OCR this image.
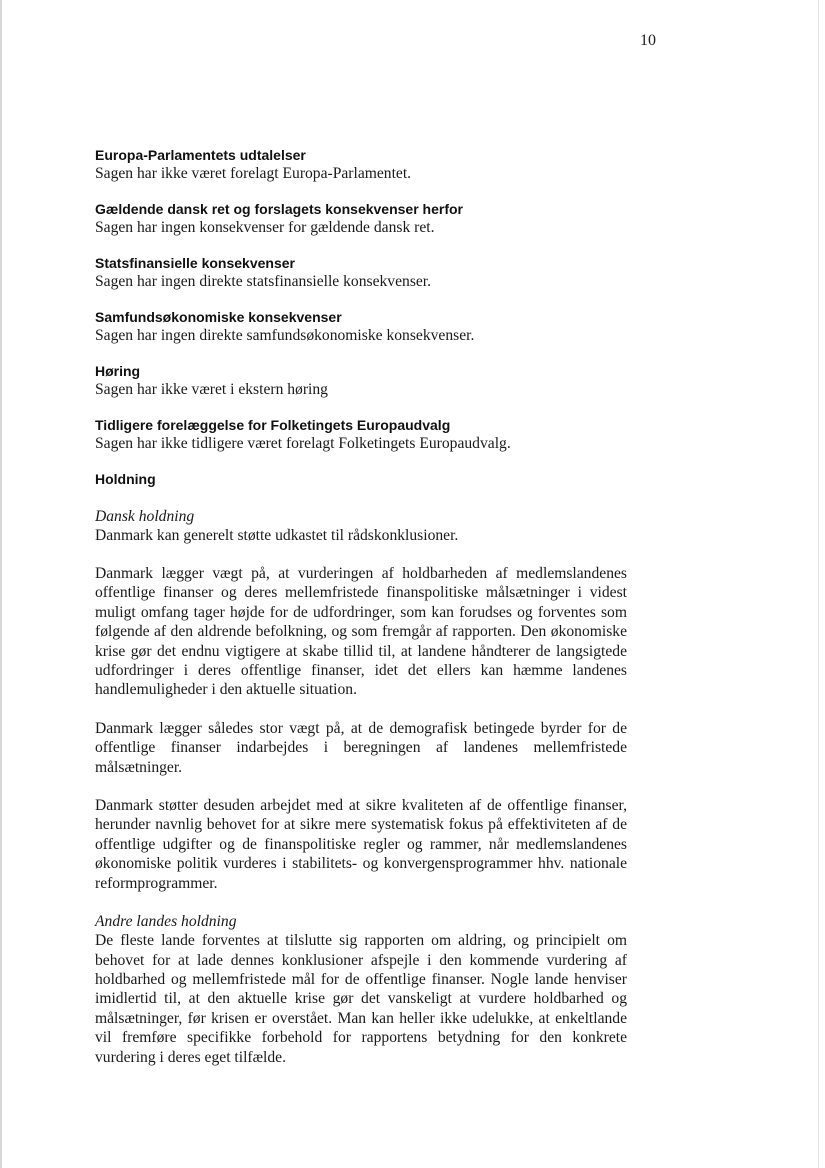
10

Europa-Parlamentets udtalelser

Sagen har ikke været forelagt Europa-Parlamentet.

Gældende dansk ret og forslagets konsekvenser herfor

Sagen har ingen konsekvenser for gældende dansk ret.

Statsfinansielle konsekvenser

Sagen har ingen direkte statsfinansielle konsekvenser.

Samfundsøkonomiske konsekvenser

Sagen har ingen direkte samfundsøkonomiske konsekvenser.

Høring

Sagen har ikke været i ekstern høring

Tidligere forelæggelse for Folketingets Europaudvalg

Sagen har ikke tidligere været forelagt Folketingets Europaudvalg.

Holdning

Dansk holdning

Danmark kan generelt støtte udkastet til rådskonklusioner.

Danmark lægger vægt på, at vurderingen af holdbarheden af medlemslandenes offentlige finanser og deres mellemfristede finanspolitiske målsætninger i videst muligt omfang tager højde for de udfordringer, som kan forudses og forventes som følgende af den aldrende befolkning, og som fremgår af rapporten. Den økonomiske krise gør det endnu vigtigere at skabe tillid til, at landene håndterer de langsigtede udfordringer i deres offentlige finanser, idet det ellers kan hæmme landenes handlemuligheder i den aktuelle situation.

Danmark lægger således stor vægt på, at de demografisk betingede byrder for de offentlige finanser indarbejdes i beregningen af landenes mellemfristede målsætninger.

Danmark støtter desuden arbejdet med at sikre kvaliteten af de offentlige finanser, herunder navnlig behovet for at sikre mere systematisk fokus på effektiviteten af de offentlige udgifter og de finanspolitiske regler og rammer, når medlemslandenes økonomiske politik vurderes i stabilitets- og konvergensprogrammer hhv. nationale reformprogrammer.

Andre landes holdning

De fleste lande forventes at tilslutte sig rapporten om aldring, og principielt om behovet for at lade dennes konklusioner afspejle i den kommende vurdering af holdbarhed og mellemfristede mål for de offentlige finanser. Nogle lande henviser imidlertid til, at den aktuelle krise gør det vanskeligt at vurdere holdbarhed og målsætninger, før krisen er overstået. Man kan heller ikke udelukke, at enkeltlande vil fremføre specifikke forbehold for rapportens betydning for den konkrete vurdering i deres eget tilfælde.
